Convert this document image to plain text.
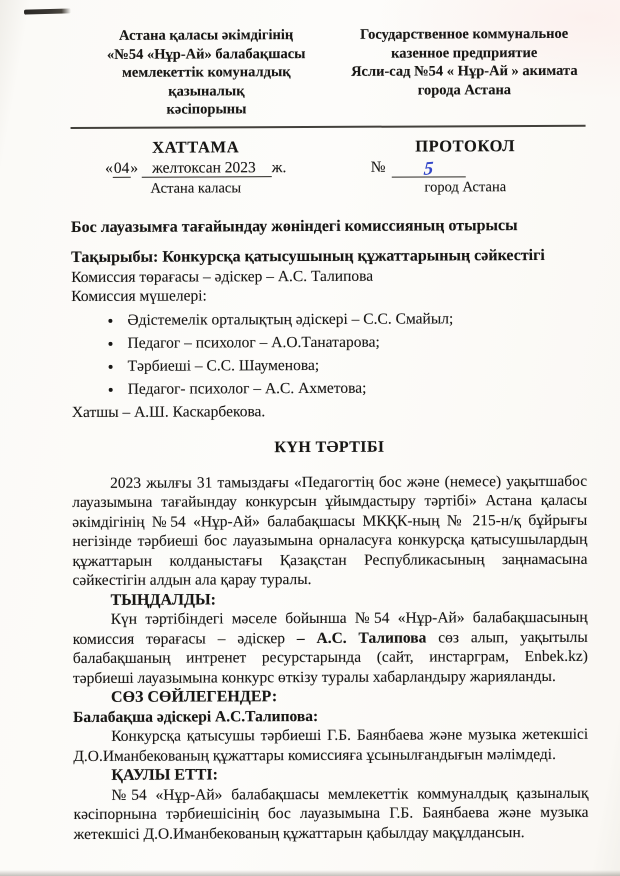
Астана қаласы әкімдігінің
«№54 «Нұр-Ай» балабақшасы
мемлекеттік комуналдық қазыналық
кәсіпорыны
Государственное коммунальное
казенное предприятие
Ясли-сад №54 « Нұр-Ай » акимата
города Астана
ХАТТАМА
«04» желтоксан 2023 ж.
Астана каласы
ПРОТОКОЛ
№ 5
город Астана

Бос лауазымға тағайындау жөніндегі комиссияның отырысы

Тақырыбы: Конкурсқа қатысушының құжаттарының сәйкестігі

Комиссия төрағасы – әдіскер – А.С. Талипова

Комиссия мүшелері:

• Әдістемелік орталықтың әдіскері – С.С. Смайыл;
• Педагог – психолог – А.О.Танатарова;
• Тәрбиеші – С.С. Шауменова;
• Педагог- психолог – А.С. Ахметова;

Хатшы – А.Ш. Каскарбекова.

КҮН ТӘРТІБІ

2023 жылғы 31 тамыздағы «Педагогтің бос және (немесе) уақытшабос лауазымына тағайындау конкурсын ұйымдастыру тәртібі» Астана қаласы әкімдігінің №54 «Нұр-Ай» балабақшасы МКҚК-ның № 215-н/қ бұйрығы негізінде тәрбиеші бос лауазымына орналасуға конкурсқа қатысушылардың құжаттарын колданыстағы Қазақстан Республикасының заңнамасына сәйкестігін алдын ала қарау туралы.

ТЫҢДАЛДЫ:

Күн тәртібіндегі мәселе бойынша №54 «Нұр-Ай» балабақшасының комиссия төрағасы – әдіскер – А.С. Талипова сөз алып, уақытылы балабақшаның интренет ресурстарында (сайт, инстарграм, Enbek.kz) тәрбиеші лауазымына конкурс өткізу туралы хабарландыру жарияланды.

СӨЗ СӨЙЛЕГЕНДЕР:

Балабақша әдіскері А.С.Талипова:

Конкурсқа қатысушы тәрбиеші Г.Б. Баянбаева және музыка жетекшісі Д.О.Иманбекованың құжаттары комиссияға ұсынылғандығын мәлімдеді.

ҚАУЛЫ ЕТТІ:

№54 «Нұр-Ай» балабақшасы мемлекеттік коммуналдық қазыналық кәсіпорнына тәрбиешісінің бос лауазымына Г.Б. Баянбаева және музыка жетекшісі Д.О.Иманбекованың құжаттарын қабылдау мақұлдансын.
